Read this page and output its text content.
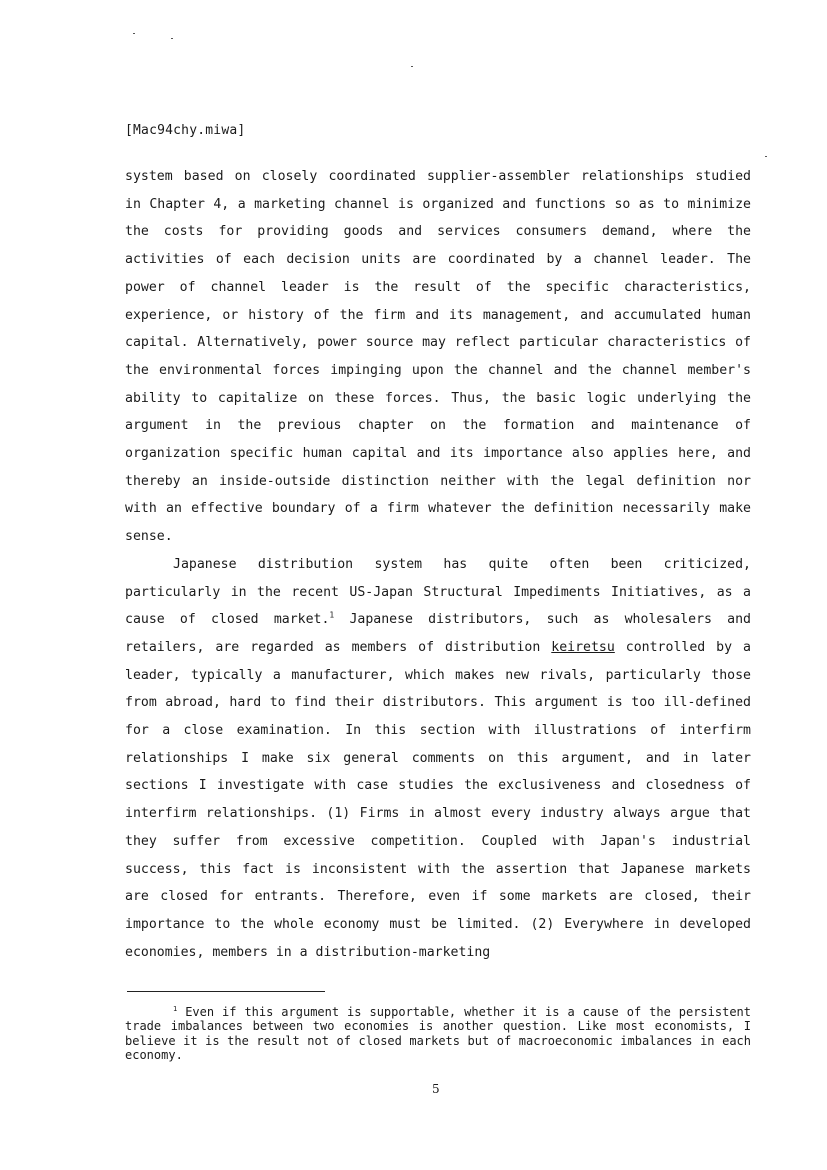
[Mac94chy.miwa]

system based on closely coordinated supplier-assembler relationships studied in Chapter 4, a marketing channel is organized and functions so as to minimize the costs for providing goods and services consumers demand, where the activities of each decision units are coordinated by a channel leader. The power of channel leader is the result of the specific characteristics, experience, or history of the firm and its management, and accumulated human capital. Alternatively, power source may reflect particular characteristics of the environmental forces impinging upon the channel and the channel member's ability to capitalize on these forces. Thus, the basic logic underlying the argument in the previous chapter on the formation and maintenance of organization specific human capital and its importance also applies here, and thereby an inside-outside distinction neither with the legal definition nor with an effective boundary of a firm whatever the definition necessarily make sense.

Japanese distribution system has quite often been criticized, particularly in the recent US-Japan Structural Impediments Initiatives, as a cause of closed market.$^1$ Japanese distributors, such as wholesalers and retailers, are regarded as members of distribution keiretsu controlled by a leader, typically a manufacturer, which makes new rivals, particularly those from abroad, hard to find their distributors. This argument is too ill-defined for a close examination. In this section with illustrations of interfirm relationships I make six general comments on this argument, and in later sections I investigate with case studies the exclusiveness and closedness of interfirm relationships. (1) Firms in almost every industry always argue that they suffer from excessive competition. Coupled with Japan's industrial success, this fact is inconsistent with the assertion that Japanese markets are closed for entrants. Therefore, even if some markets are closed, their importance to the whole economy must be limited. (2) Everywhere in developed economies, members in a distribution-marketing

$^1$ Even if this argument is supportable, whether it is a cause of the persistent trade imbalances between two economies is another question. Like most economists, I believe it is the result not of closed markets but of macroeconomic imbalances in each economy.

5
